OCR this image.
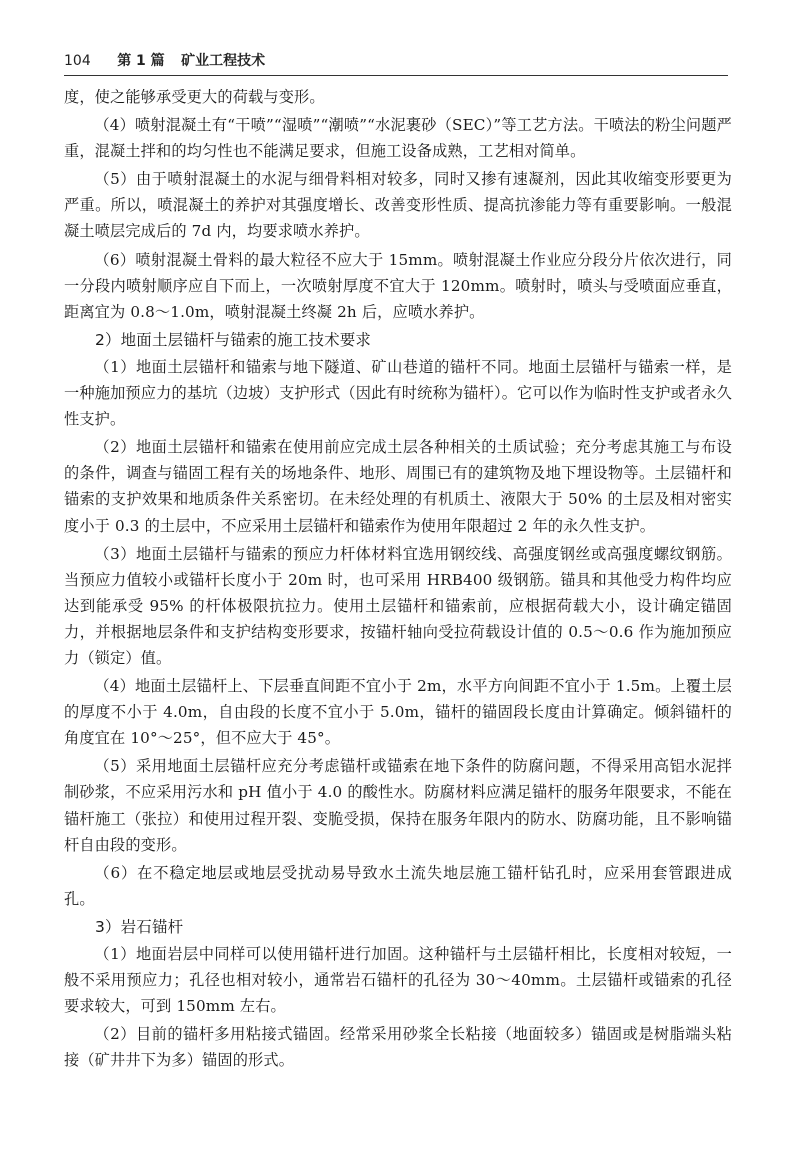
104 第 1 篇 矿业工程技术

度，使之能够承受更大的荷载与变形。

（4）喷射混凝土有“干喷”“湿喷”“潮喷”“水泥裹砂（SEC）”等工艺方法。干喷法的粉尘问题严重，混凝土拌和的均匀性也不能满足要求，但施工设备成熟，工艺相对简单。

（5）由于喷射混凝土的水泥与细骨料相对较多，同时又掺有速凝剂，因此其收缩变形要更为严重。所以，喷混凝土的养护对其强度增长、改善变形性质、提高抗渗能力等有重要影响。一般混凝土喷层完成后的 7d 内，均要求喷水养护。

（6）喷射混凝土骨料的最大粒径不应大于 15mm。喷射混凝土作业应分段分片依次进行，同一分段内喷射顺序应自下而上，一次喷射厚度不宜大于 120mm。喷射时，喷头与受喷面应垂直，距离宜为 0.8～1.0m，喷射混凝土终凝 2h 后，应喷水养护。

2）地面土层锚杆与锚索的施工技术要求

（1）地面土层锚杆和锚索与地下隧道、矿山巷道的锚杆不同。地面土层锚杆与锚索一样，是一种施加预应力的基坑（边坡）支护形式（因此有时统称为锚杆）。它可以作为临时性支护或者永久性支护。

（2）地面土层锚杆和锚索在使用前应完成土层各种相关的土质试验；充分考虑其施工与布设的条件，调查与锚固工程有关的场地条件、地形、周围已有的建筑物及地下埋设物等。土层锚杆和锚索的支护效果和地质条件关系密切。在未经处理的有机质土、液限大于 50% 的土层及相对密实度小于 0.3 的土层中，不应采用土层锚杆和锚索作为使用年限超过 2 年的永久性支护。

（3）地面土层锚杆与锚索的预应力杆体材料宜选用钢绞线、高强度钢丝或高强度螺纹钢筋。当预应力值较小或锚杆长度小于 20m 时，也可采用 HRB400 级钢筋。锚具和其他受力构件均应达到能承受 95% 的杆体极限抗拉力。使用土层锚杆和锚索前，应根据荷载大小，设计确定锚固力，并根据地层条件和支护结构变形要求，按锚杆轴向受拉荷载设计值的 0.5～0.6 作为施加预应力（锁定）值。

（4）地面土层锚杆上、下层垂直间距不宜小于 2m，水平方向间距不宜小于 1.5m。上覆土层的厚度不小于 4.0m，自由段的长度不宜小于 5.0m，锚杆的锚固段长度由计算确定。倾斜锚杆的角度宜在 10°～25°，但不应大于 45°。

（5）采用地面土层锚杆应充分考虑锚杆或锚索在地下条件的防腐问题，不得采用高铝水泥拌制砂浆，不应采用污水和 pH 值小于 4.0 的酸性水。防腐材料应满足锚杆的服务年限要求，不能在锚杆施工（张拉）和使用过程开裂、变脆受损，保持在服务年限内的防水、防腐功能，且不影响锚杆自由段的变形。

（6）在不稳定地层或地层受扰动易导致水土流失地层施工锚杆钻孔时，应采用套管跟进成孔。

3）岩石锚杆

（1）地面岩层中同样可以使用锚杆进行加固。这种锚杆与土层锚杆相比，长度相对较短，一般不采用预应力；孔径也相对较小，通常岩石锚杆的孔径为 30～40mm。土层锚杆或锚索的孔径要求较大，可到 150mm 左右。

（2）目前的锚杆多用粘接式锚固。经常采用砂浆全长粘接（地面较多）锚固或是树脂端头粘接（矿井井下为多）锚固的形式。
